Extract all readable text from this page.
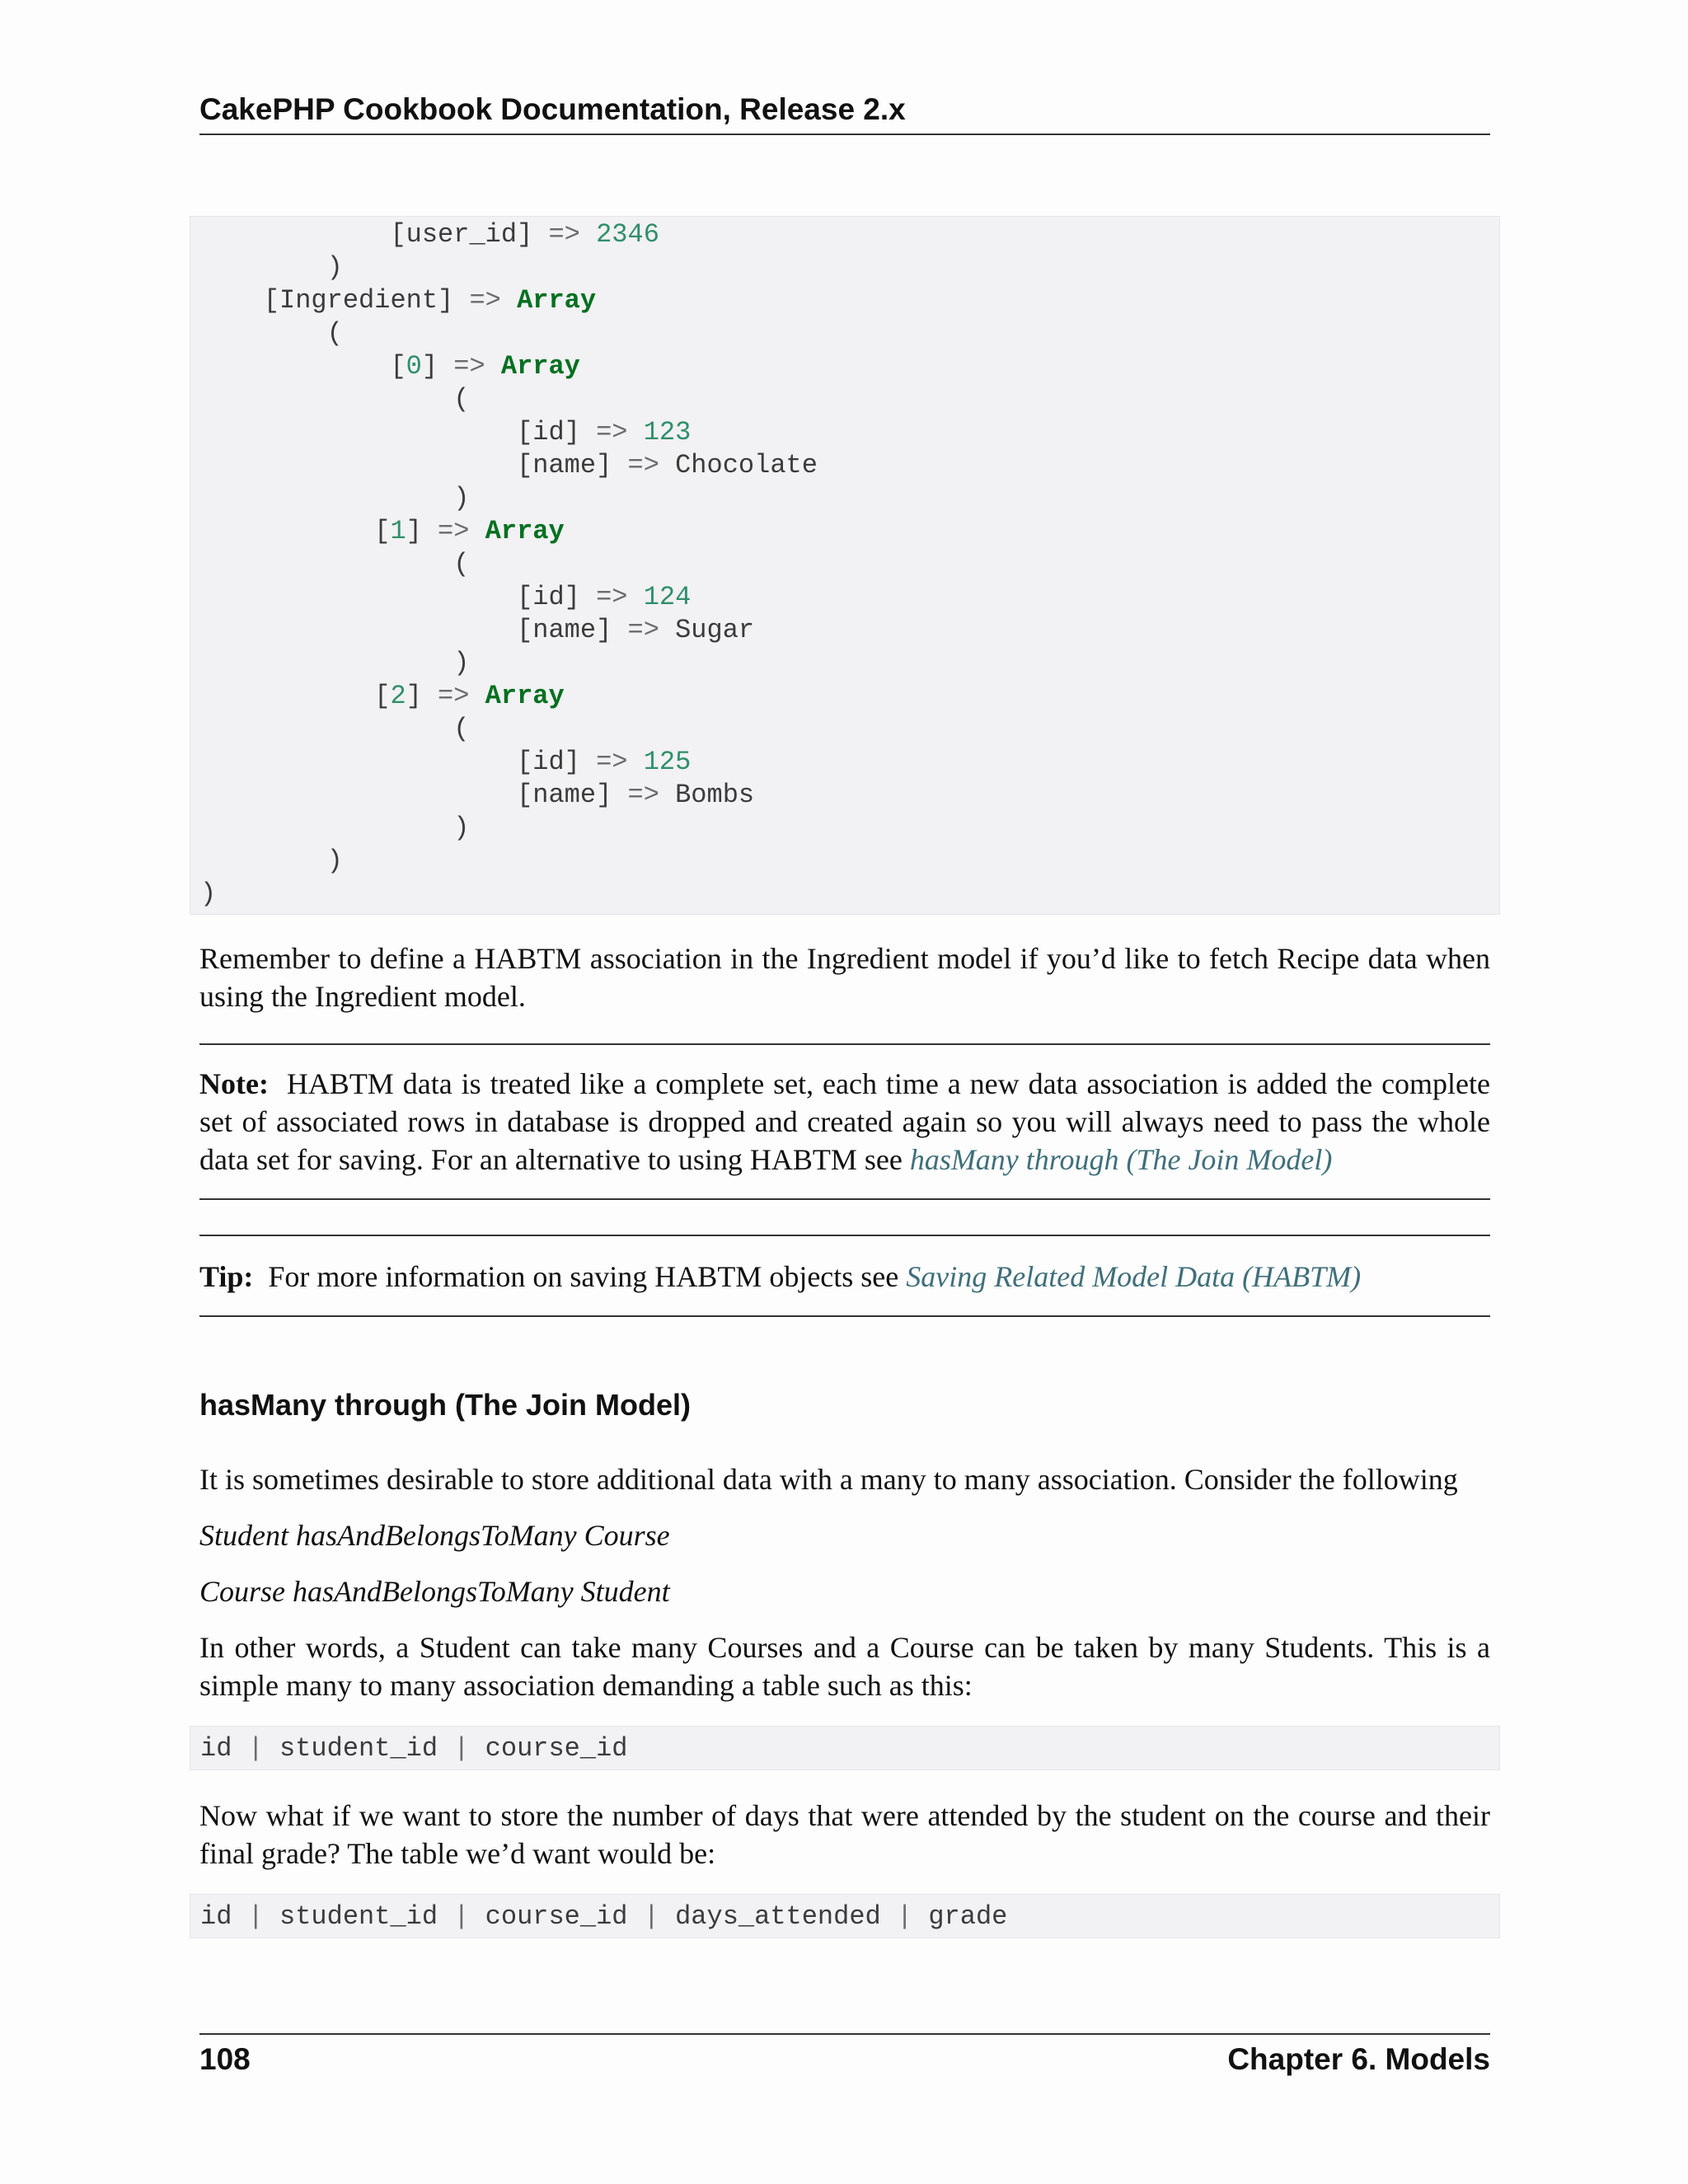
CakePHP Cookbook Documentation, Release 2.x
[user_id] => 2346
)
[Ingredient] => Array
(
[0] => Array
(
[id] => 123
[name] => Chocolate
)
[1] => Array
(
[id] => 124
[name] => Sugar
)
[2] => Array
(
[id] => 125
[name] => Bombs
)
)
)
Remember to define a HABTM association in the Ingredient model if you’d like to fetch Recipe data when using the Ingredient model.
Note: HABTM data is treated like a complete set, each time a new data association is added the complete set of associated rows in database is dropped and created again so you will always need to pass the whole data set for saving. For an alternative to using HABTM see hasMany through (The Join Model)
Tip: For more information on saving HABTM objects see Saving Related Model Data (HABTM)
hasMany through (The Join Model)
It is sometimes desirable to store additional data with a many to many association. Consider the following
Student hasAndBelongsToMany Course
Course hasAndBelongsToMany Student
In other words, a Student can take many Courses and a Course can be taken by many Students. This is a simple many to many association demanding a table such as this:
id | student_id | course_id
Now what if we want to store the number of days that were attended by the student on the course and their final grade? The table we’d want would be:
id | student_id | course_id | days_attended | grade
108	Chapter 6. Models
